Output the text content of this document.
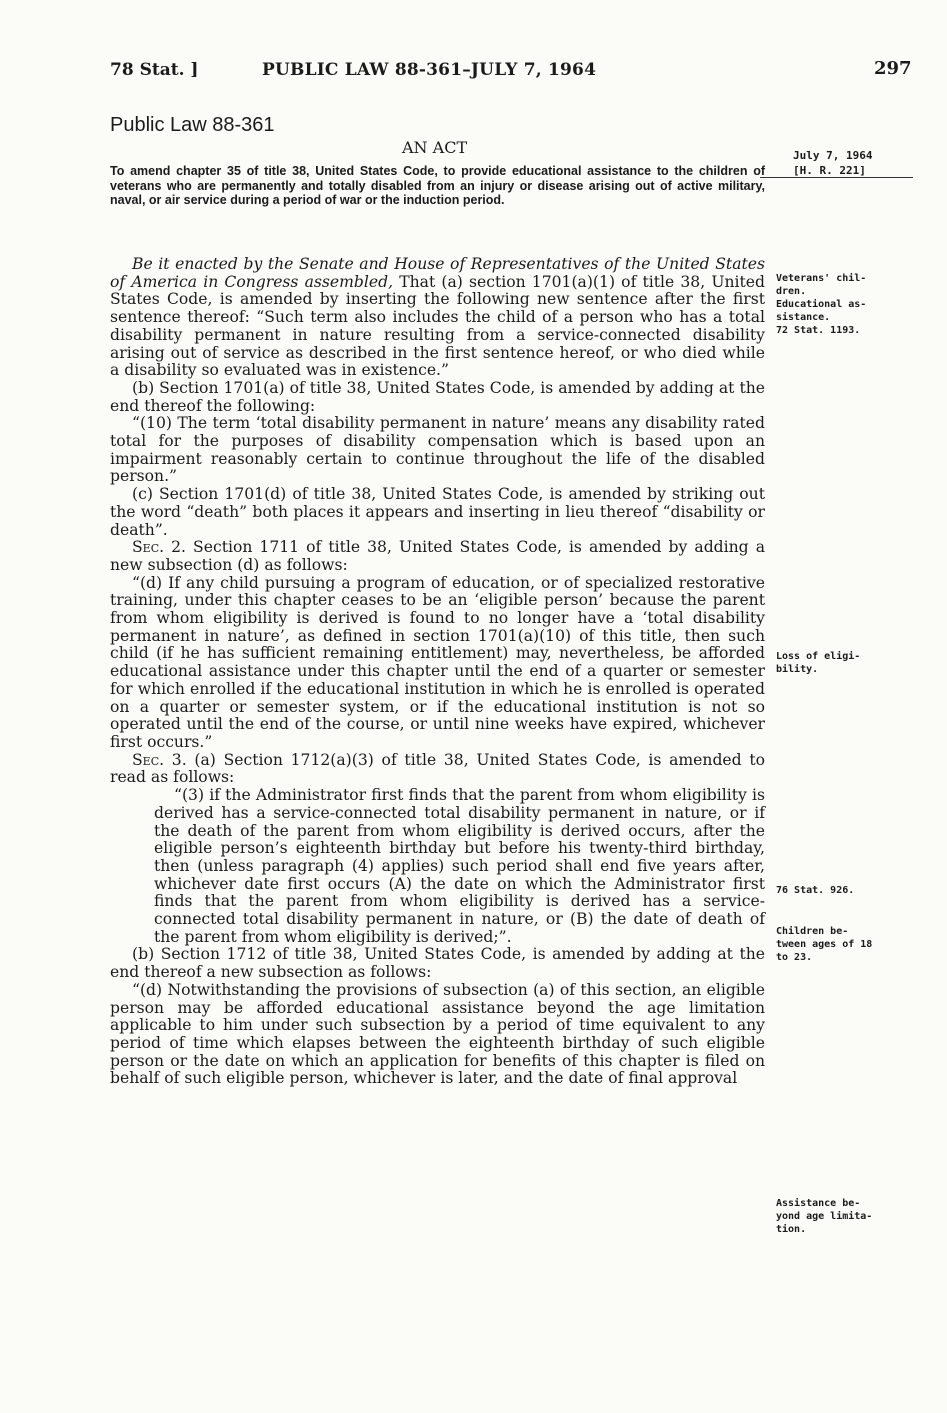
78 Stat. ]	PUBLIC LAW 88-361–JULY 7, 1964	297
Public Law 88-361
AN ACT	July 7, 1964
[H. R. 221]
To amend chapter 35 of title 38, United States Code, to provide educational assistance to the children of veterans who are permanently and totally disabled from an injury or disease arising out of active military, naval, or air service during a period of war or the induction period.

Be it enacted by the Senate and House of Representatives of the United States of America in Congress assembled, That (a) section 1701(a)(1) of title 38, United States Code, is amended by inserting the following new sentence after the first sentence thereof: “Such term also includes the child of a person who has a total disability permanent in nature resulting from a service-connected disability arising out of service as described in the first sentence hereof, or who died while a disability so evaluated was in existence.”

(b) Section 1701(a) of title 38, United States Code, is amended by adding at the end thereof the following:

“(10) The term ‘total disability permanent in nature’ means any disability rated total for the purposes of disability compensation which is based upon an impairment reasonably certain to continue throughout the life of the disabled person.”

(c) Section 1701(d) of title 38, United States Code, is amended by striking out the word “death” both places it appears and inserting in lieu thereof “disability or death”.

Sec. 2. Section 1711 of title 38, United States Code, is amended by adding a new subsection (d) as follows:

“(d) If any child pursuing a program of education, or of specialized restorative training, under this chapter ceases to be an ‘eligible person’ because the parent from whom eligibility is derived is found to no longer have a ‘total disability permanent in nature’, as defined in section 1701(a)(10) of this title, then such child (if he has sufficient remaining entitlement) may, nevertheless, be afforded educational assistance under this chapter until the end of a quarter or semester for which enrolled if the educational institution in which he is enrolled is operated on a quarter or semester system, or if the educational institution is not so operated until the end of the course, or until nine weeks have expired, whichever first occurs.”

Sec. 3. (a) Section 1712(a)(3) of title 38, United States Code, is amended to read as follows:

“(3) if the Administrator first finds that the parent from whom eligibility is derived has a service-connected total disability permanent in nature, or if the death of the parent from whom eligibility is derived occurs, after the eligible person’s eighteenth birthday but before his twenty-third birthday, then (unless paragraph (4) applies) such period shall end five years after, whichever date first occurs (A) the date on which the Administrator first finds that the parent from whom eligibility is derived has a service-connected total disability permanent in nature, or (B) the date of death of the parent from whom eligibility is derived;”.

(b) Section 1712 of title 38, United States Code, is amended by adding at the end thereof a new subsection as follows:

“(d) Notwithstanding the provisions of subsection (a) of this section, an eligible person may be afforded educational assistance beyond the age limitation applicable to him under such subsection by a period of time equivalent to any period of time which elapses between the eighteenth birthday of such eligible person or the date on which an application for benefits of this chapter is filed on behalf of such eligible person, whichever is later, and the date of final approval

Veterans' chil-
dren.
Educational as-
sistance.
72 Stat. 1193.
Loss of eligi-
bility.
76 Stat. 926.
Children be-
tween ages of 18
to 23.
Assistance be-
yond age limita-
tion.
